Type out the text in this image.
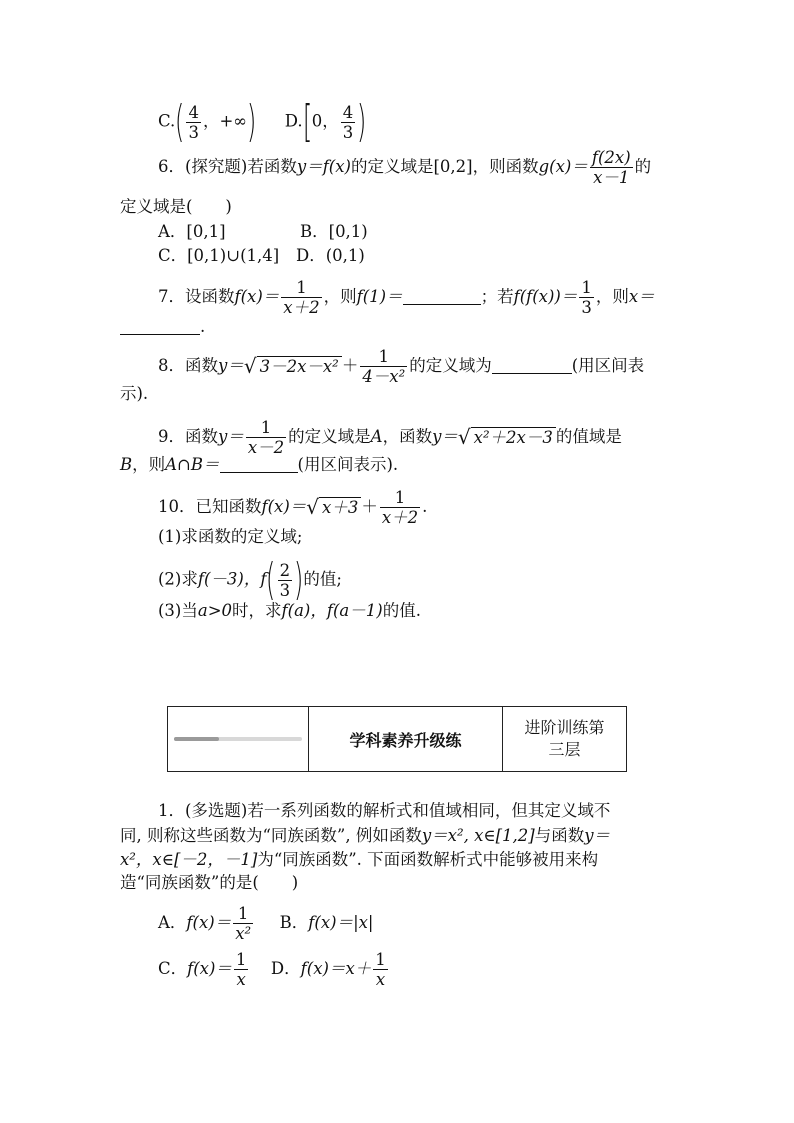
$C.( \frac{4}{3}$ ，+∞) D.[0， $\frac{4}{3}$ )
6．(探究题)若函数y＝f(x)的定义域是[0,2]，则函数$g(x)= \frac{f(2x)}{x-1}$ 的
定义域是(　　)
A．[0,1]	B．[0,1)
C．[0,1)∪(1,4] D．(0,1)
7．设函数$f(x)= \frac{1}{x+2}$ ，则f(1)＝	；若$f(f(x))= \frac{1}{3}$ ，则x＝
.
8．函数y＝ √ $3-2x-x^2 + \frac{1}{\text{4－x²}}$ 的定义域为	(用区间表
示).
9．函数$y= \frac{1}{x-2}$ 的定义域是A，函数y＝ √ x²＋2x－3 的值域是
B，则A∩B＝	(用区间表示).
10．已知函数f(x)＝ √ $x+3 + \frac{1}{x+2}$ .
(1)求函数的定义域;
(2)求f(－3)，$f( \frac{2}{3}$ )的值;
(3)当a>0时，求f(a)，f(a－1)的值.
学科素养升级练
进阶训练第
三层
1．(多选题)若一系列函数的解析式和值域相同，但其定义域不
同, 则称这些函数为“同族函数”, 例如函数y＝x², x∈[1,2]与函数y＝
x²，x∈[－2，－1]为“同族函数”. 下面函数解析式中能够被用来构
造“同族函数”的是(　　)
A．$f(x)= \frac{1}{\text{x²}}$ B．f(x)＝|x|
C．$f(x)= \frac{1}{x}$ D．$f(x)=x+ \frac{1}{x}$
